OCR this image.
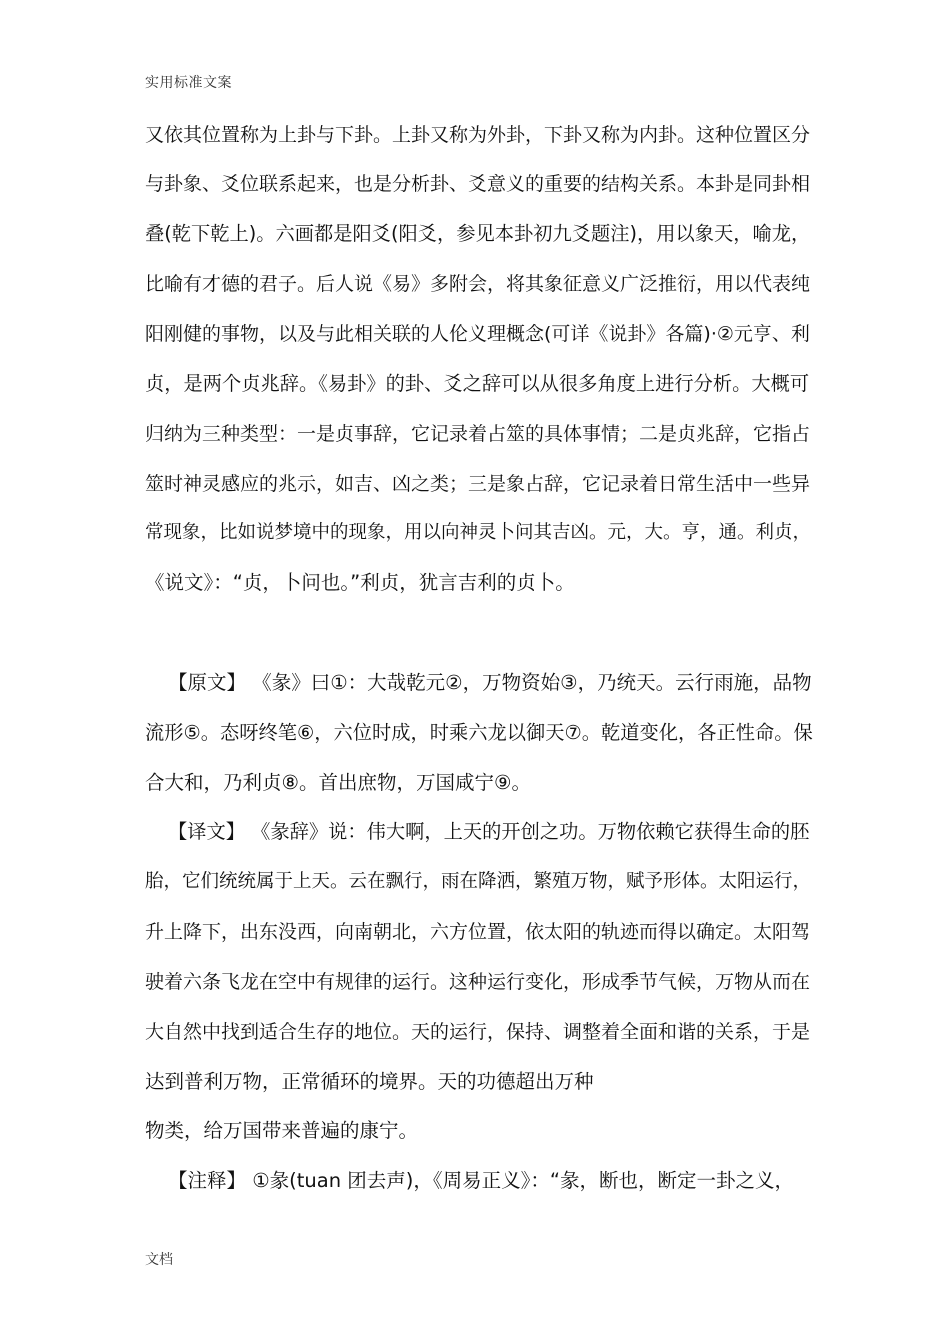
实用标准文案
又依其位置称为上卦与下卦。上卦又称为外卦，下卦又称为内卦。这种位置区分
与卦象、爻位联系起来，也是分析卦、爻意义的重要的结构关系。本卦是同卦相
叠(乾下乾上)。六画都是阳爻(阳爻，参见本卦初九爻题注)，用以象天，喻龙，
比喻有才德的君子。后人说《易》多附会，将其象征意义广泛推衍，用以代表纯
阳刚健的事物，以及与此相关联的人伦义理概念(可详《说卦》各篇)·②元亨、利
贞，是两个贞兆辞。《易卦》的卦、爻之辞可以从很多角度上进行分析。大概可
归纳为三种类型：一是贞事辞，它记录着占筮的具体事情；二是贞兆辞，它指占
筮时神灵感应的兆示，如吉、凶之类；三是象占辞，它记录着日常生活中一些异
常现象，比如说梦境中的现象，用以向神灵卜问其吉凶。元，大。亨，通。利贞，
《说文》：“贞，卜问也。”利贞，犹言吉利的贞卜。
【原文】 《彖》曰①：大哉乾元②，万物资始③，乃统天。云行雨施，品物
流形⑤。态呀终笔⑥，六位时成，时乘六龙以御天⑦。乾道变化，各正性命。保
合大和，乃利贞⑧。首出庶物，万国咸宁⑨。
【译文】 《彖辞》说：伟大啊，上天的开创之功。万物依赖它获得生命的胚
胎，它们统统属于上天。云在飘行，雨在降洒，繁殖万物，赋予形体。太阳运行，
升上降下，出东没西，向南朝北，六方位置，依太阳的轨迹而得以确定。太阳驾
驶着六条飞龙在空中有规律的运行。这种运行变化，形成季节气候，万物从而在
大自然中找到适合生存的地位。天的运行，保持、调整着全面和谐的关系，于是
达到普利万物，正常循环的境界。天的功德超出万种
物类，给万国带来普遍的康宁。
【注释】 ①彖(tuan 团去声)，《周易正义》：“彖，断也，断定一卦之义，
文档
